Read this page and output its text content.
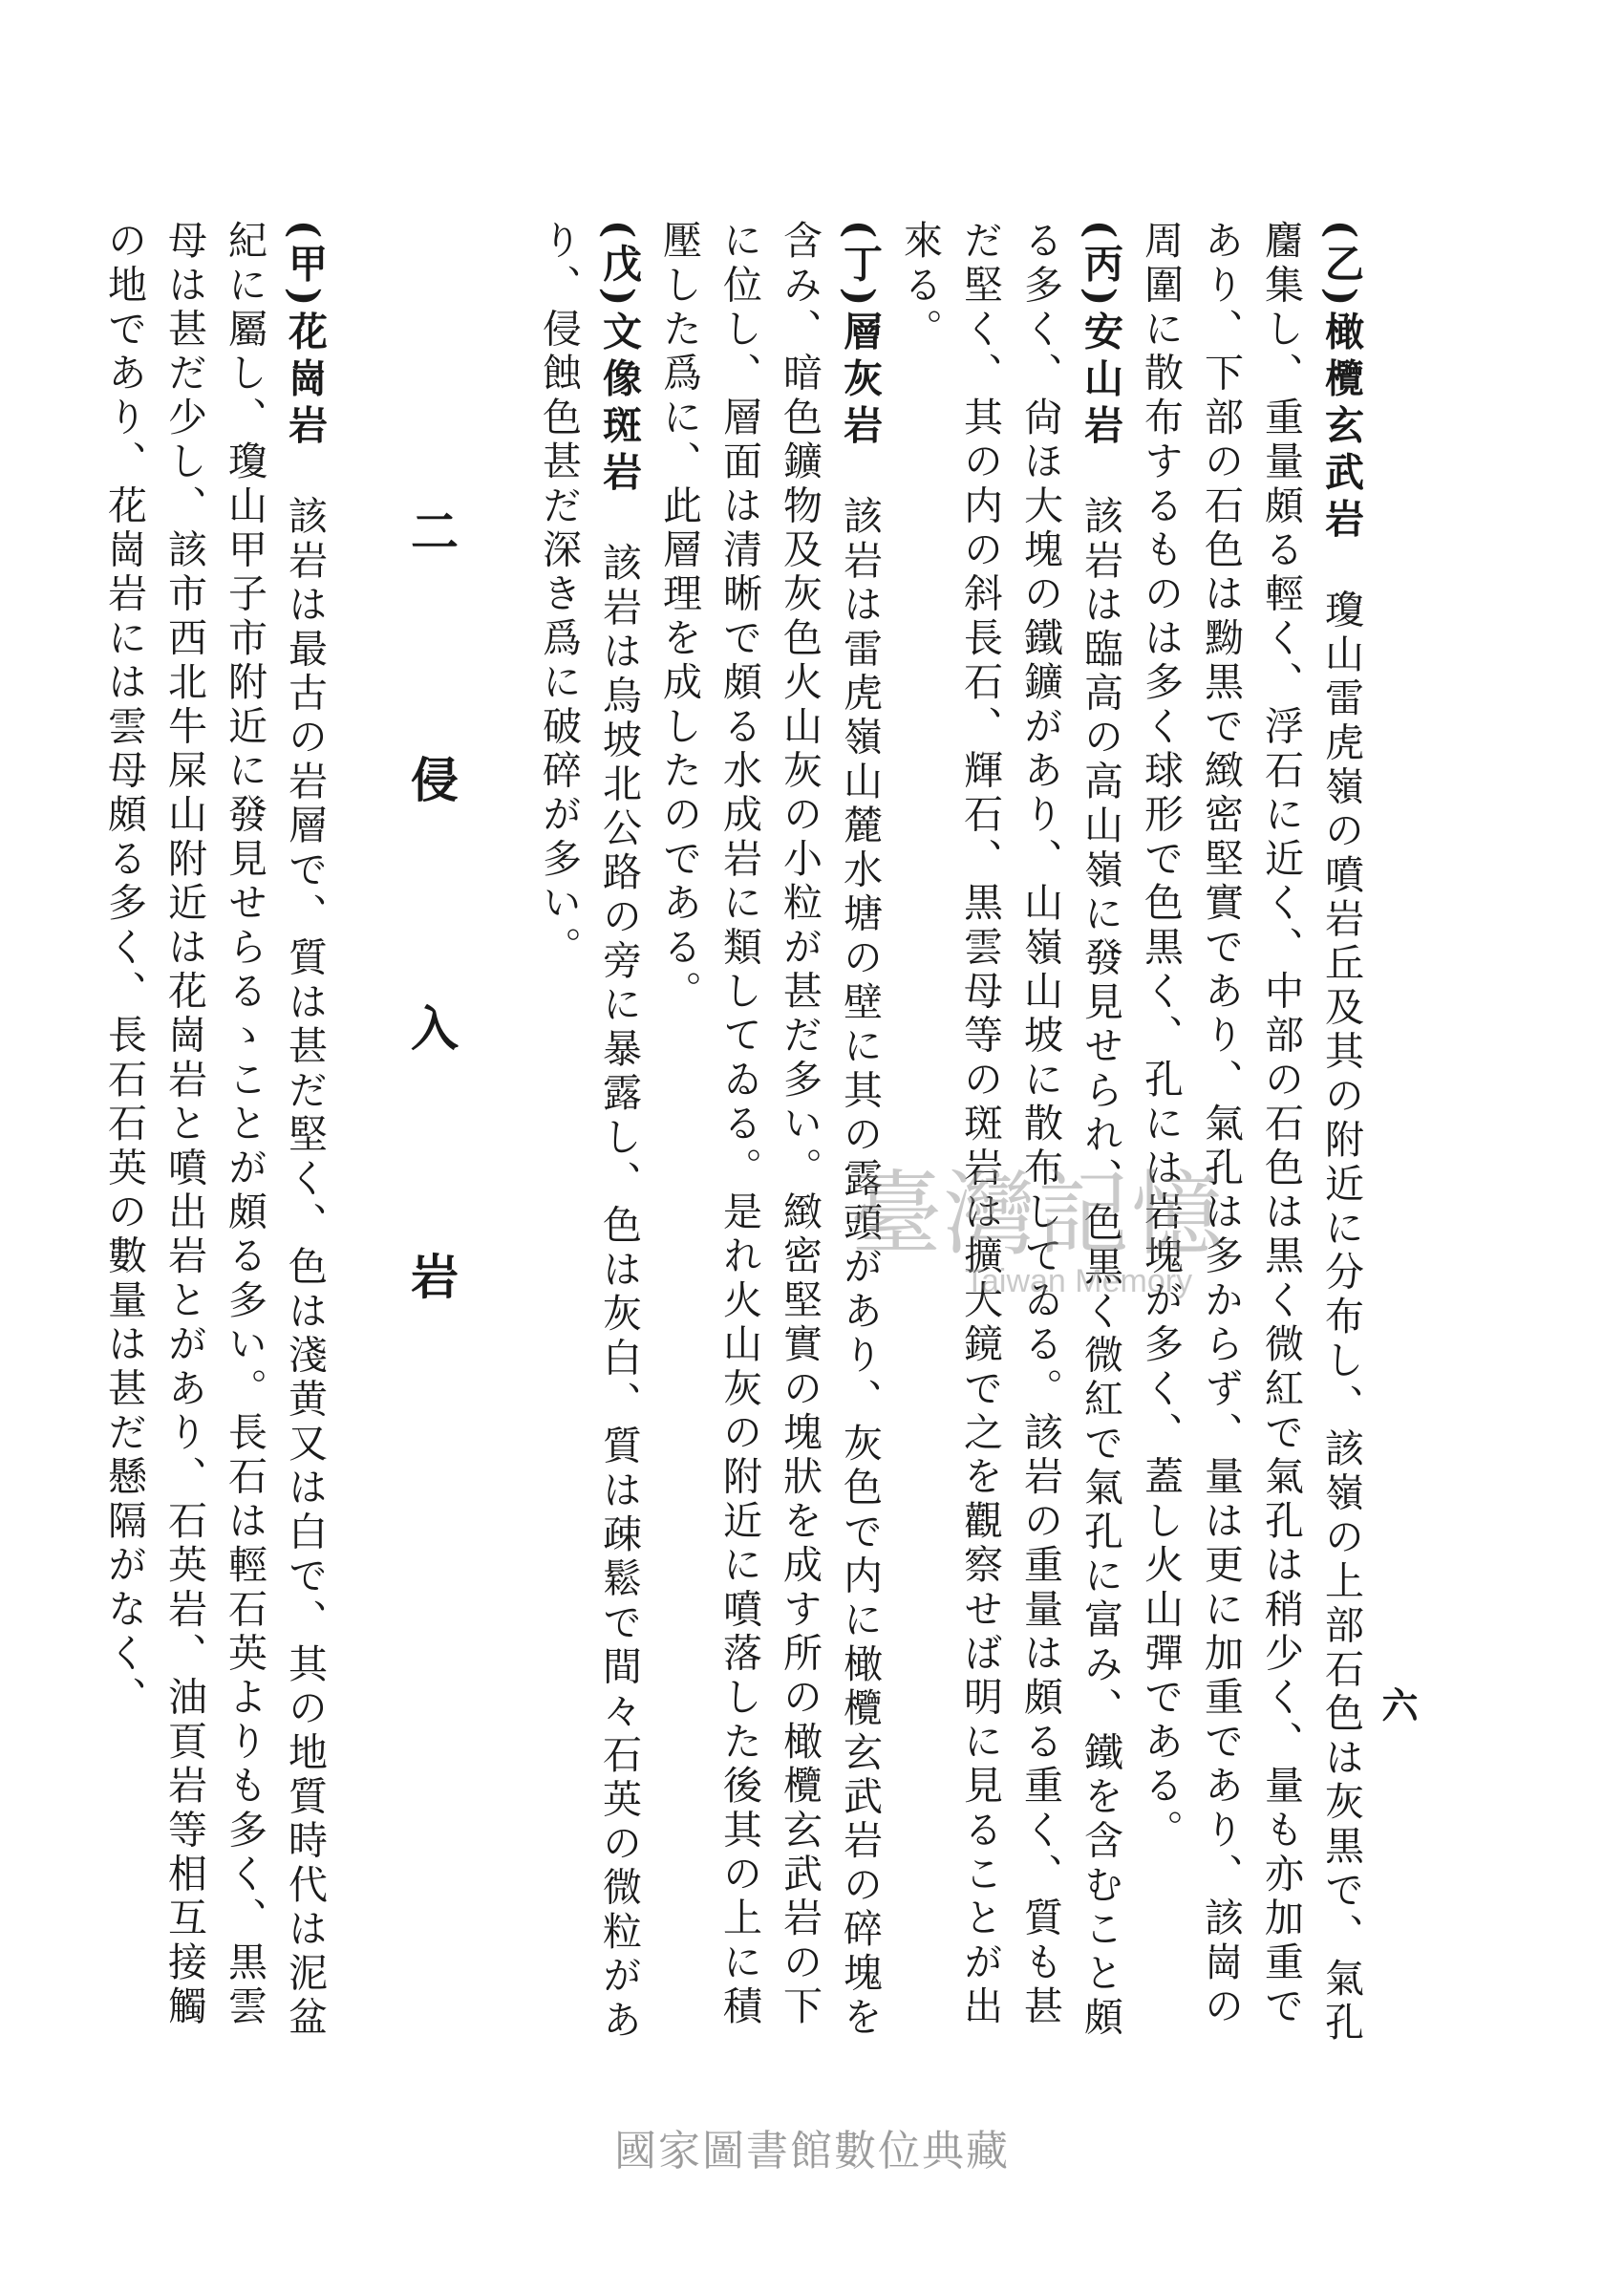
六

(乙)橄欖玄武岩　瓊山雷虎嶺の噴岩丘及其の附近に分布し、該嶺の上部石色は灰黒で、氣孔麕集し、重量頗る輕く、浮石に近く、中部の石色は黒く微紅で氣孔は稍少く、量も亦加重であり、下部の石色は黝黒で緻密堅實であり、氣孔は多からず、量は更に加重であり、該崗の周圍に散布するものは多く球形で色黒く、孔には岩塊が多く、蓋し火山彈である。

(丙)安山岩　該岩は臨高の高山嶺に發見せられ、色黒く微紅で氣孔に富み、鐵を含むこと頗る多く、尙ほ大塊の鐵鑛があり、山嶺山坡に散布してゐる。該岩の重量は頗る重く、質も甚だ堅く、其の内の斜長石、輝石、黒雲母等の斑岩は擴大鏡で之を觀察せば明に見ることが出來る。

(丁)層灰岩　該岩は雷虎嶺山麓水塘の壁に其の露頭があり、灰色で内に橄欖玄武岩の碎塊を含み、暗色鑛物及灰色火山灰の小粒が甚だ多い。緻密堅實の塊狀を成す所の橄欖玄武岩の下に位し、層面は清晰で頗る水成岩に類してゐる。是れ火山灰の附近に噴落した後其の上に積壓した爲に、此層理を成したのである。

(戊)文像斑岩　該岩は烏坡北公路の旁に暴露し、色は灰白、質は疎鬆で間々石英の微粒があり、侵蝕色甚だ深き爲に破碎が多い。

二　侵　入　岩

(甲)花崗岩　該岩は最古の岩層で、質は甚だ堅く、色は淺黄又は白で、其の地質時代は泥盆紀に屬し、瓊山甲子市附近に發見せらるゝことが頗る多い。長石は輕石英よりも多く、黒雲母は甚だ少し、該市西北牛屎山附近は花崗岩と噴出岩とがあり、石英岩、油頁岩等相互接觸の地であり、花崗岩には雲母頗る多く、長石石英の數量は甚だ懸隔がなく、	臺灣記憶
Taiwan Memory
國家圖書館數位典藏
